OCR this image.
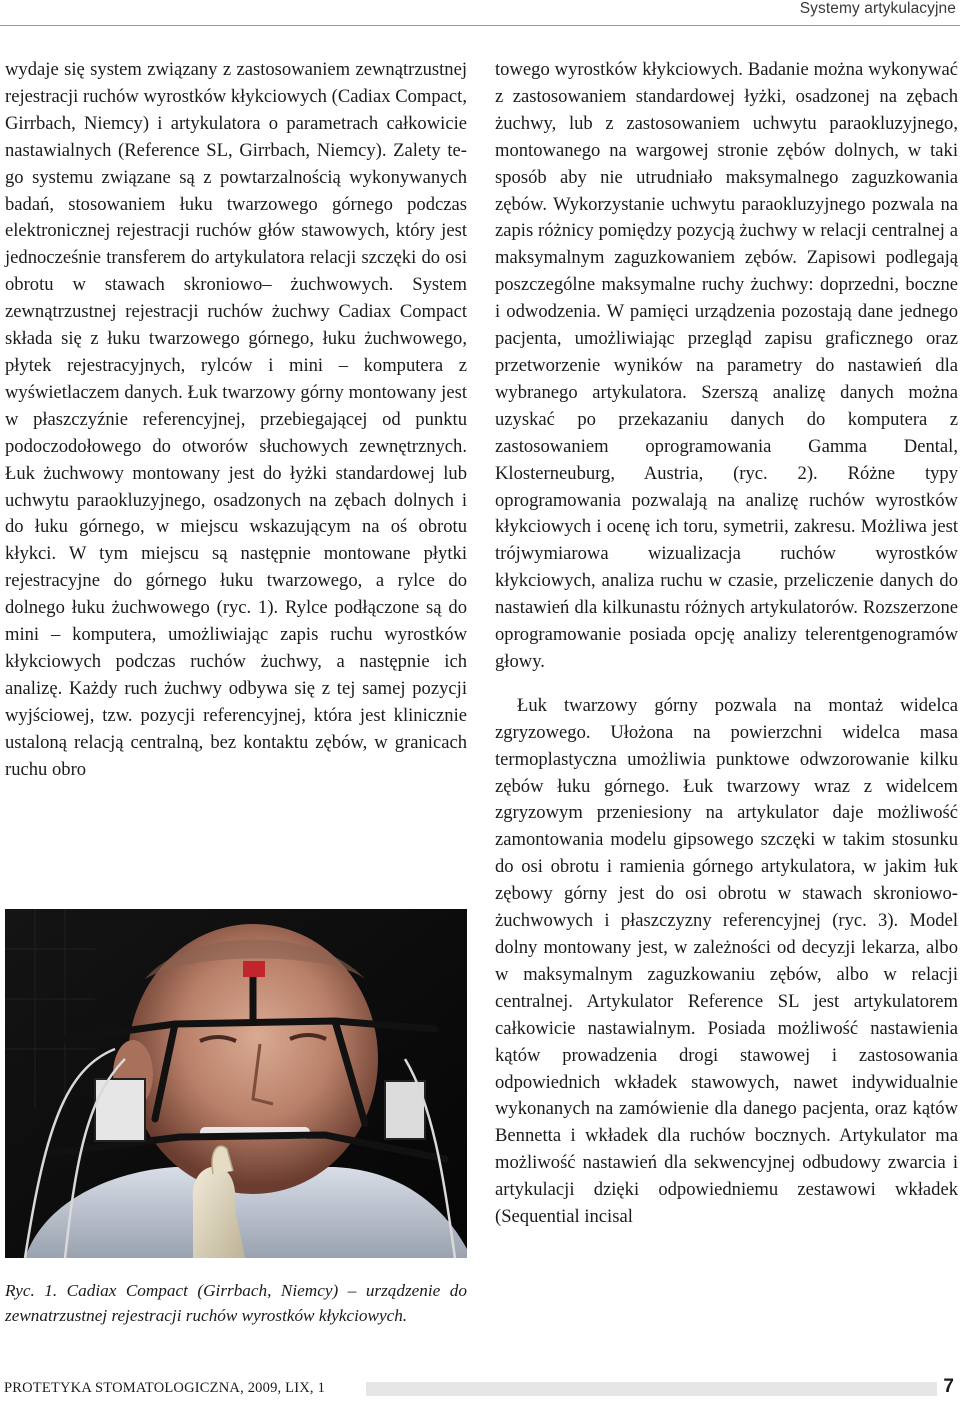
Systemy artykulacyjne

wydaje się system związany z zastosowaniem zewnątrzustnej rejestracji ruchów wyrostków kłykciowych (Cadiax Compact, Girrbach, Niemcy) i artykulatora o parametrach całkowicie nastawialnych (Reference SL, Girrbach, Niemcy). Zalety tego systemu związane są z powtarzalnością wykonywanych badań, stosowaniem łuku twarzowego górnego podczas elektronicznej rejestracji ruchów głów stawowych, który jest jednocześnie transferem do artykulatora relacji szczęki do osi obrotu w stawach skroniowo– żuchwowych. System zewnątrzustnej rejestracji ruchów żuchwy Cadiax Compact składa się z łuku twarzowego górnego, łuku żuchwowego, płytek rejestracyjnych, rylców i mini – komputera z wyświetlaczem danych. Łuk twarzowy górny montowany jest w płaszczyźnie referencyjnej, przebiegającej od punktu podoczodołowego do otworów słuchowych zewnętrznych. Łuk żuchwowy montowany jest do łyżki standardowej lub uchwytu paraokluzyjnego, osadzonych na zębach dolnych i do łuku górnego, w miejscu wskazującym na oś obrotu kłykci. W tym miejscu są następnie montowane płytki rejestracyjne do górnego łuku twarzowego, a rylce do dolnego łuku żuchwowego (ryc. 1). Rylce podłączone są do mini – komputera, umożliwiając zapis ruchu wyrostków kłykciowych podczas ruchów żuchwy, a następnie ich analizę. Każdy ruch żuchwy odbywa się z tej samej pozycji wyjściowej, tzw. pozycji referencyjnej, która jest klinicznie ustaloną relacją centralną, bez kontaktu zębów, w granicach ruchu obro

Ryc. 1. Cadiax Compact (Girrbach, Niemcy) – urządzenie do zewnatrzustnej rejestracji ruchów wyrostków kłykciowych.

towego wyrostków kłykciowych. Badanie można wykonywać z zastosowaniem standardowej łyżki, osadzonej na zębach żuchwy, lub z zastosowaniem uchwytu paraokluzyjnego, montowanego na wargowej stronie zębów dolnych, w taki sposób aby nie utrudniało maksymalnego zaguzkowania zębów. Wykorzystanie uchwytu paraokluzyjnego pozwala na zapis różnicy pomiędzy pozycją żuchwy w relacji centralnej a maksymalnym zaguzkowaniem zębów. Zapisowi podlegają poszczególne maksymalne ruchy żuchwy: doprzedni, boczne i odwodzenia. W pamięci urządzenia pozostają dane jednego pacjenta, umożliwiając przegląd zapisu graficznego oraz przetworzenie wyników na parametry do nastawień dla wybranego artykulatora. Szerszą analizę danych można uzyskać po przekazaniu danych do komputera z zastosowaniem oprogramowania Gamma Dental, Klosterneuburg, Austria, (ryc. 2). Różne typy oprogramowania pozwalają na analizę ruchów wyrostków kłykciowych i ocenę ich toru, symetrii, zakresu. Możliwa jest trójwymiarowa wizualizacja ruchów wyrostków kłykciowych, analiza ruchu w czasie, przeliczenie danych do nastawień dla kilkunastu różnych artykulatorów. Rozszerzone oprogramowanie posiada opcję analizy telerentgenogramów głowy.

Łuk twarzowy górny pozwala na montaż widelca zgryzowego. Ułożona na powierzchni widelca masa termoplastyczna umożliwia punktowe odwzorowanie kilku zębów łuku górnego. Łuk twarzowy wraz z widelcem zgryzowym przeniesiony na artykulator daje możliwość zamontowania modelu gipsowego szczęki w takim stosunku do osi obrotu i ramienia górnego artykulatora, w jakim łuk zębowy górny jest do osi obrotu w stawach skroniowo-żuchwowych i płaszczyzny referencyjnej (ryc. 3). Model dolny montowany jest, w zależności od decyzji lekarza, albo w maksymalnym zaguzkowaniu zębów, albo w relacji centralnej. Artykulator Reference SL jest artykulatorem całkowicie nastawialnym. Posiada możliwość nastawienia kątów prowadzenia drogi stawowej i zastosowania odpowiednich wkładek stawowych, nawet indywidualnie wykonanych na zamówienie dla danego pacjenta, oraz kątów Bennetta i wkładek dla ruchów bocznych. Artykulator ma możliwość nastawień dla sekwencyjnej odbudowy zwarcia i artykulacji dzięki odpowiedniemu zestawowi wkładek (Sequential incisal

PROTETYKA STOMATOLOGICZNA, 2009, LIX, 1	7
